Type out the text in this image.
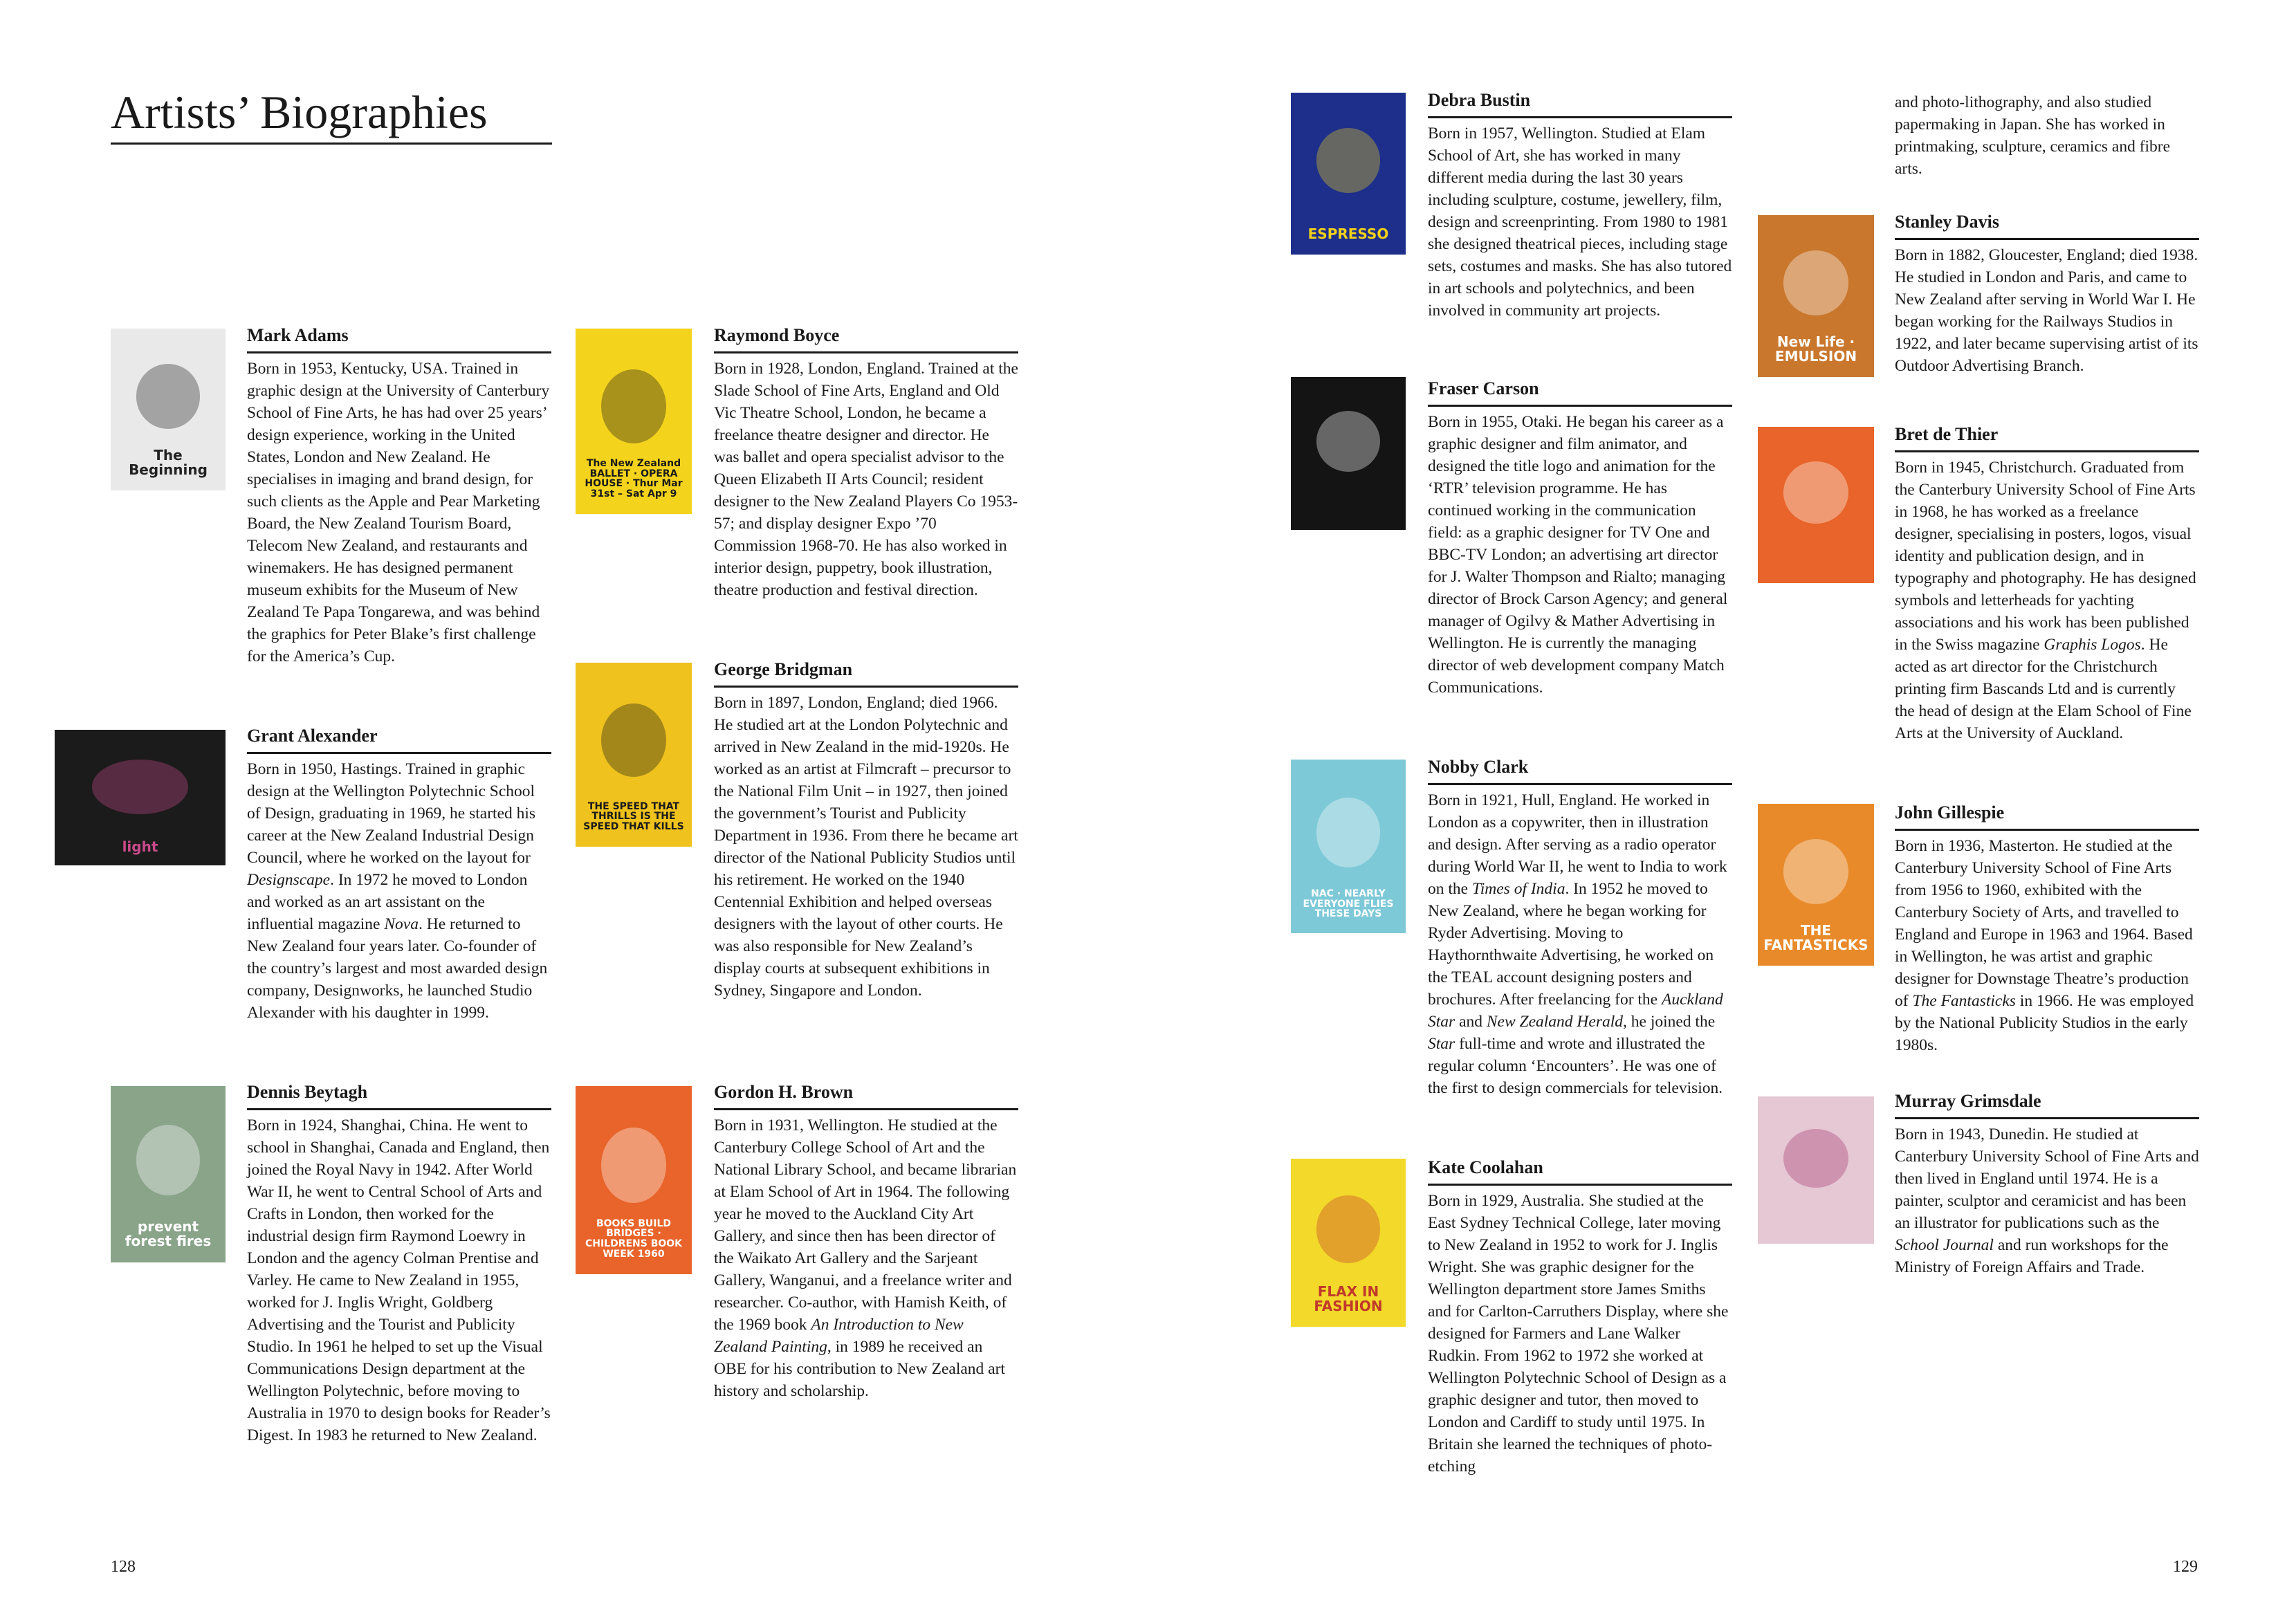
Artists’ Biographies
128	129
The Beginning
Mark Adams

Born in 1953, Kentucky, USA. Trained in graphic design at the University of Canterbury School of Fine Arts, he has had over 25 years’ design experience, working in the United States, London and New Zealand. He specialises in imaging and brand design, for such clients as the Apple and Pear Marketing Board, the New Zealand Tourism Board, Telecom New Zealand, and restaurants and winemakers. He has designed permanent museum exhibits for the Museum of New Zealand Te Papa Tongarewa, and was behind the graphics for Peter Blake’s first challenge for the America’s Cup.

light
Grant Alexander

Born in 1950, Hastings. Trained in graphic design at the Wellington Polytechnic School of Design, graduating in 1969, he started his career at the New Zealand Industrial Design Council, where he worked on the layout for Designscape. In 1972 he moved to London and worked as an art assistant on the influential magazine Nova. He returned to New Zealand four years later. Co-founder of the country’s largest and most awarded design company, Designworks, he launched Studio Alexander with his daughter in 1999.

prevent forest fires
Dennis Beytagh

Born in 1924, Shanghai, China. He went to school in Shanghai, Canada and England, then joined the Royal Navy in 1942. After World War II, he went to Central School of Arts and Crafts in London, then worked for the industrial design firm Raymond Loewry in London and the agency Colman Prentise and Varley. He came to New Zealand in 1955, worked for J. Inglis Wright, Goldberg Advertising and the Tourist and Publicity Studio. In 1961 he helped to set up the Visual Communications Design department at the Wellington Polytechnic, before moving to Australia in 1970 to design books for Reader’s Digest. In 1983 he returned to New Zealand.

The New Zealand BALLET · OPERA HOUSE · Thur Mar 31st – Sat Apr 9
Raymond Boyce

Born in 1928, London, England. Trained at the Slade School of Fine Arts, England and Old Vic Theatre School, London, he became a freelance theatre designer and director. He was ballet and opera specialist advisor to the Queen Elizabeth II Arts Council; resident designer to the New Zealand Players Co 1953-57; and display designer Expo ’70 Commission 1968-70. He has also worked in interior design, puppetry, book illustration, theatre production and festival direction.

THE SPEED THAT THRILLS IS THE SPEED THAT KILLS
George Bridgman

Born in 1897, London, England; died 1966. He studied art at the London Polytechnic and arrived in New Zealand in the mid-1920s. He worked as an artist at Filmcraft – precursor to the National Film Unit – in 1927, then joined the government’s Tourist and Publicity Department in 1936. From there he became art director of the National Publicity Studios until his retirement. He worked on the 1940 Centennial Exhibition and helped overseas designers with the layout of other courts. He was also responsible for New Zealand’s display courts at subsequent exhibitions in Sydney, Singapore and London.

BOOKS BUILD BRIDGES · CHILDRENS BOOK WEEK 1960
Gordon H. Brown

Born in 1931, Wellington. He studied at the Canterbury College School of Art and the National Library School, and became librarian at Elam School of Art in 1964. The following year he moved to the Auckland City Art Gallery, and since then has been director of the Waikato Art Gallery and the Sarjeant Gallery, Wanganui, and a freelance writer and researcher. Co-author, with Hamish Keith, of the 1969 book An Introduction to New Zealand Painting, in 1989 he received an OBE for his contribution to New Zealand art history and scholarship.

ESPRESSO
Debra Bustin

Born in 1957, Wellington. Studied at Elam School of Art, she has worked in many different media during the last 30 years including sculpture, costume, jewellery, film, design and screenprinting. From 1980 to 1981 she designed theatrical pieces, including stage sets, costumes and masks. She has also tutored in art schools and polytechnics, and been involved in community art projects.

Fraser Carson

Born in 1955, Otaki. He began his career as a graphic designer and film animator, and designed the title logo and animation for the ‘RTR’ television programme. He has continued working in the communication field: as a graphic designer for TV One and BBC-TV London; an advertising art director for J. Walter Thompson and Rialto; managing director of Brock Carson Agency; and general manager of Ogilvy & Mather Advertising in Wellington. He is currently the managing director of web development company Match Communications.

NAC · NEARLY EVERYONE FLIES THESE DAYS
Nobby Clark

Born in 1921, Hull, England. He worked in London as a copywriter, then in illustration and design. After serving as a radio operator during World War II, he went to India to work on the Times of India. In 1952 he moved to New Zealand, where he began working for Ryder Advertising. Moving to Haythornthwaite Advertising, he worked on the TEAL account designing posters and brochures. After freelancing for the Auckland Star and New Zealand Herald, he joined the Star full-time and wrote and illustrated the regular column ‘Encounters’. He was one of the first to design commercials for television.

FLAX IN FASHION
Kate Coolahan

Born in 1929, Australia. She studied at the East Sydney Technical College, later moving to New Zealand in 1952 to work for J. Inglis Wright. She was graphic designer for the Wellington department store James Smiths and for Carlton-Carruthers Display, where she designed for Farmers and Lane Walker Rudkin. From 1962 to 1972 she worked at Wellington Polytechnic School of Design as a graphic designer and tutor, then moved to London and Cardiff to study until 1975. In Britain she learned the techniques of photo-etching

and photo-lithography, and also studied papermaking in Japan. She has worked in printmaking, sculpture, ceramics and fibre arts.
New Life · EMULSION
Stanley Davis

Born in 1882, Gloucester, England; died 1938. He studied in London and Paris, and came to New Zealand after serving in World War I. He began working for the Railways Studios in 1922, and later became supervising artist of its Outdoor Advertising Branch.

Bret de Thier

Born in 1945, Christchurch. Graduated from the Canterbury University School of Fine Arts in 1968, he has worked as a freelance designer, specialising in posters, logos, visual identity and publication design, and in typography and photography. He has designed symbols and letterheads for yachting associations and his work has been published in the Swiss magazine Graphis Logos. He acted as art director for the Christchurch printing firm Bascands Ltd and is currently the head of design at the Elam School of Fine Arts at the University of Auckland.

THE FANTASTICKS
John Gillespie

Born in 1936, Masterton. He studied at the Canterbury University School of Fine Arts from 1956 to 1960, exhibited with the Canterbury Society of Arts, and travelled to England and Europe in 1963 and 1964. Based in Wellington, he was artist and graphic designer for Downstage Theatre’s production of The Fantasticks in 1966. He was employed by the National Publicity Studios in the early 1980s.

Murray Grimsdale

Born in 1943, Dunedin. He studied at Canterbury University School of Fine Arts and then lived in England until 1974. He is a painter, sculptor and ceramicist and has been an illustrator for publications such as the School Journal and run workshops for the Ministry of Foreign Affairs and Trade.
